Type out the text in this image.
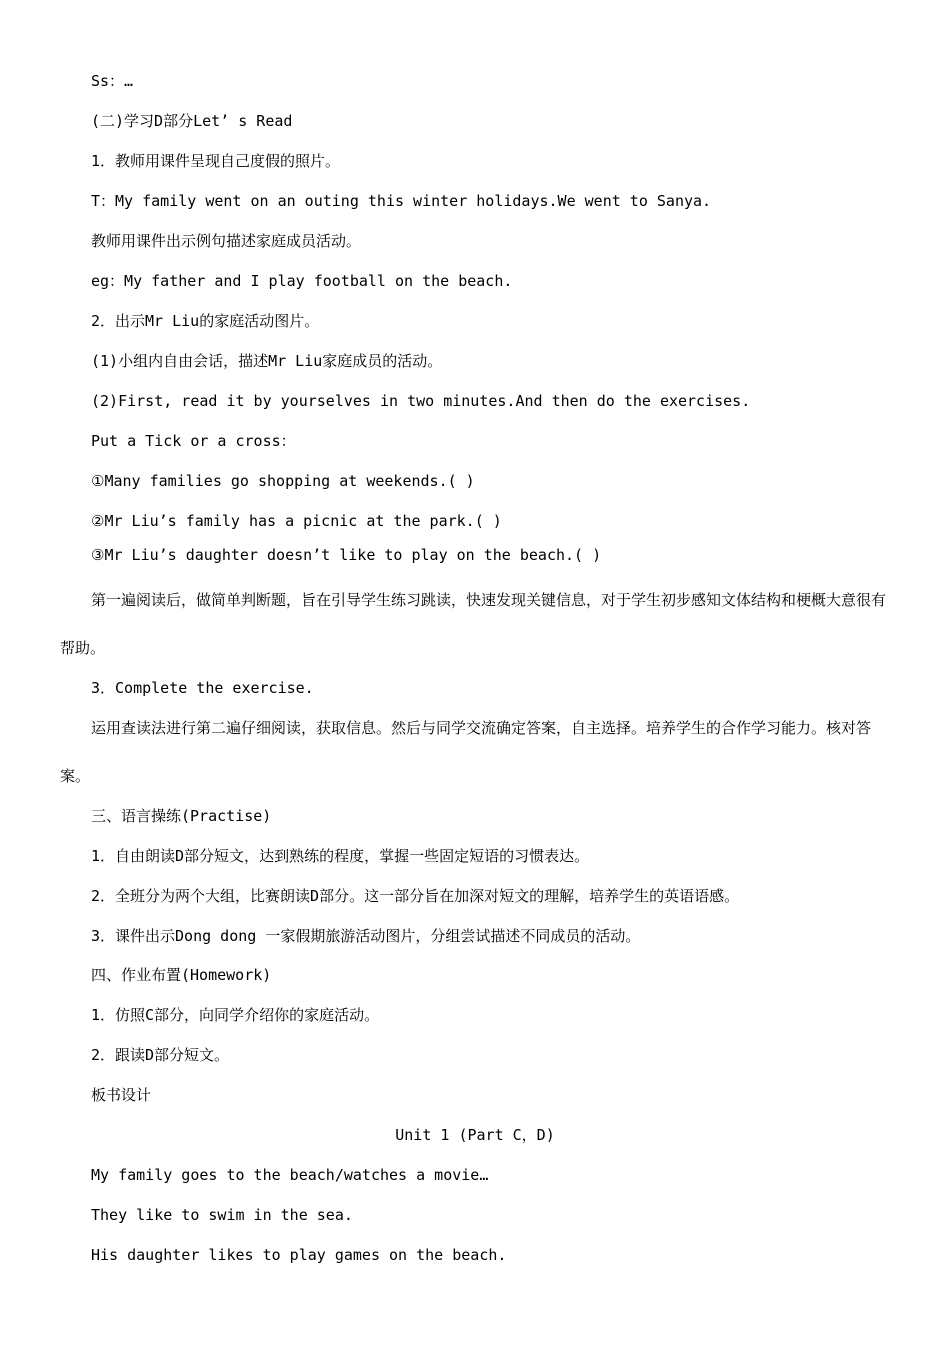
Ss：…
(二)学习D部分Let’ s Read
1．教师用课件呈现自己度假的照片。
T：My family went on an outing this winter holidays.We went to Sanya.
教师用课件出示例句描述家庭成员活动。
eg：My father and I play football on the beach.
2．出示Mr Liu的家庭活动图片。
(1)小组内自由会话，描述Mr Liu家庭成员的活动。
(2)First, read it by yourselves in two minutes.And then do the exercises.
Put a Tick or a cross：
①Many families go shopping at weekends.( )
②Mr Liu’s family has a picnic at the park.( )
③Mr Liu’s daughter doesn’t like to play on the beach.( )
第一遍阅读后，做简单判断题，旨在引导学生练习跳读，快速发现关键信息，对于学生初步感知文体结构和梗概大意很有帮助。
3．Complete the exercise.
运用查读法进行第二遍仔细阅读，获取信息。然后与同学交流确定答案，自主选择。培养学生的合作学习能力。核对答案。
三、语言操练(Practise)
1．自由朗读D部分短文，达到熟练的程度，掌握一些固定短语的习惯表达。
2．全班分为两个大组，比赛朗读D部分。这一部分旨在加深对短文的理解，培养学生的英语语感。
3．课件出示Dong dong 一家假期旅游活动图片，分组尝试描述不同成员的活动。
四、作业布置(Homework)
1．仿照C部分，向同学介绍你的家庭活动。
2．跟读D部分短文。
板书设计
Unit 1 (Part C，D)
My family goes to the beach/watches a movie…
They like to swim in the sea.
His daughter likes to play games on the beach.
